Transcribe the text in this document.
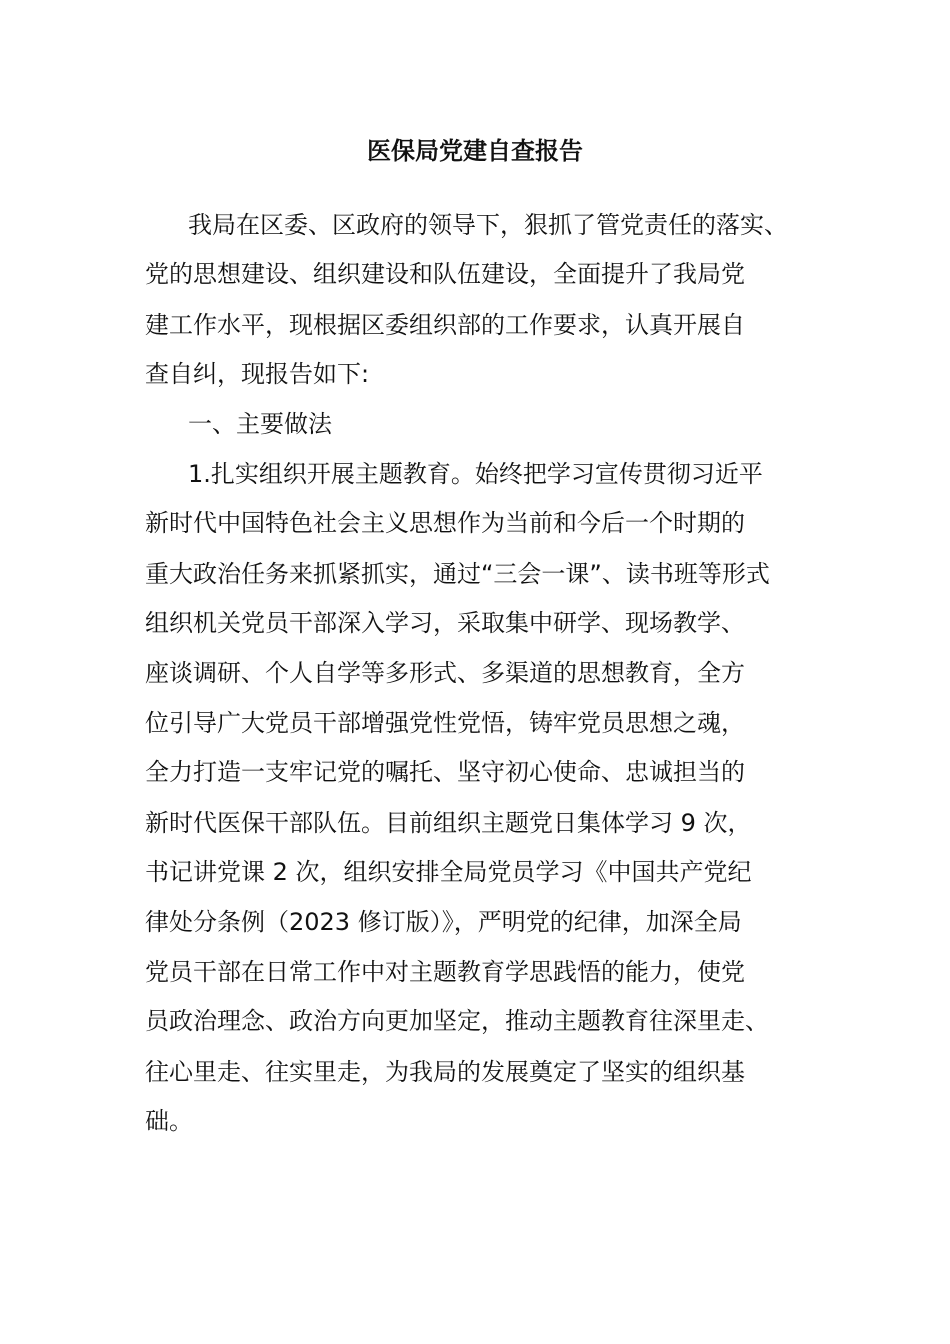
医保局党建自查报告

我局在区委、区政府的领导下，狠抓了管党责任的落实、

党的思想建设、组织建设和队伍建设，全面提升了我局党

建工作水平，现根据区委组织部的工作要求，认真开展自

查自纠，现报告如下:

一、主要做法

1.扎实组织开展主题教育。始终把学习宣传贯彻习近平

新时代中国特色社会主义思想作为当前和今后一个时期的

重大政治任务来抓紧抓实，通过“三会一课”、读书班等形式

组织机关党员干部深入学习，采取集中研学、现场教学、

座谈调研、个人自学等多形式、多渠道的思想教育，全方

位引导广大党员干部增强党性党悟，铸牢党员思想之魂，

全力打造一支牢记党的嘱托、坚守初心使命、忠诚担当的

新时代医保干部队伍。目前组织主题党日集体学习 9 次，

书记讲党课 2 次，组织安排全局党员学习《中国共产党纪

律处分条例（2023 修订版）》，严明党的纪律，加深全局

党员干部在日常工作中对主题教育学思践悟的能力，使党

员政治理念、政治方向更加坚定，推动主题教育往深里走、

往心里走、往实里走，为我局的发展奠定了坚实的组织基

础。
